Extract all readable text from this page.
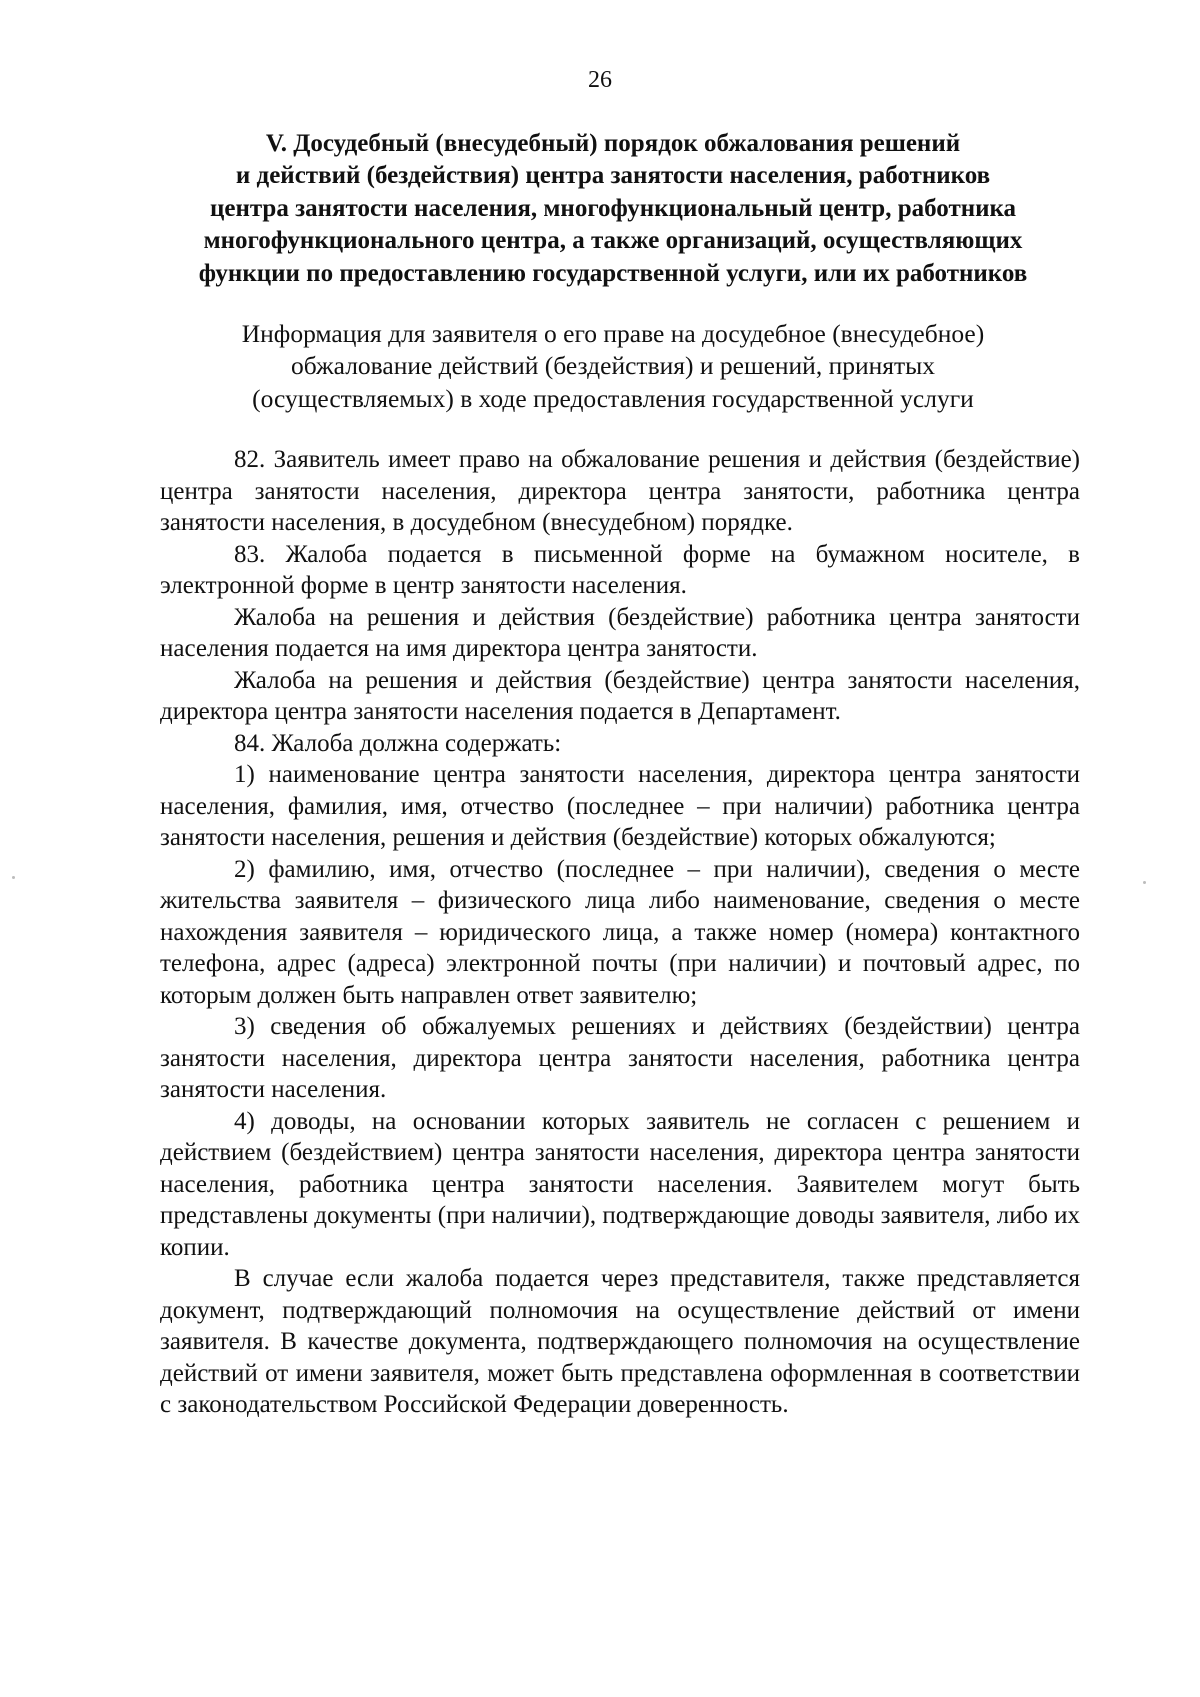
26
V. Досудебный (внесудебный) порядок обжалования решений
и действий (бездействия) центра занятости населения, работников
центра занятости населения, многофункциональный центр, работника
многофункционального центра, а также организаций, осуществляющих
функции по предоставлению государственной услуги, или их работников
Информация для заявителя о его праве на досудебное (внесудебное)
обжалование действий (бездействия) и решений, принятых
(осуществляемых) в ходе предоставления государственной услуги

82. Заявитель имеет право на обжалование решения и действия (бездействие) центра занятости населения, директора центра занятости, работника центра занятости населения, в досудебном (внесудебном) порядке.

83. Жалоба подается в письменной форме на бумажном носителе, в электронной форме в центр занятости населения.

Жалоба на решения и действия (бездействие) работника центра занятости населения подается на имя директора центра занятости.

Жалоба на решения и действия (бездействие) центра занятости населения, директора центра занятости населения подается в Департамент.

84. Жалоба должна содержать:

1) наименование центра занятости населения, директора центра занятости населения, фамилия, имя, отчество (последнее – при наличии) работника центра занятости населения, решения и действия (бездействие) которых обжалуются;

2) фамилию, имя, отчество (последнее – при наличии), сведения о месте жительства заявителя – физического лица либо наименование, сведения о месте нахождения заявителя – юридического лица, а также номер (номера) контактного телефона, адрес (адреса) электронной почты (при наличии) и почтовый адрес, по которым должен быть направлен ответ заявителю;

3) сведения об обжалуемых решениях и действиях (бездействии) центра занятости населения, директора центра занятости населения, работника центра занятости населения.

4) доводы, на основании которых заявитель не согласен с решением и действием (бездействием) центра занятости населения, директора центра занятости населения, работника центра занятости населения. Заявителем могут быть представлены документы (при наличии), подтверждающие доводы заявителя, либо их копии.

В случае если жалоба подается через представителя, также представляется документ, подтверждающий полномочия на осуществление действий от имени заявителя. В качестве документа, подтверждающего полномочия на осуществление действий от имени заявителя, может быть представлена оформленная в соответствии с законодательством Российской Федерации доверенность.
